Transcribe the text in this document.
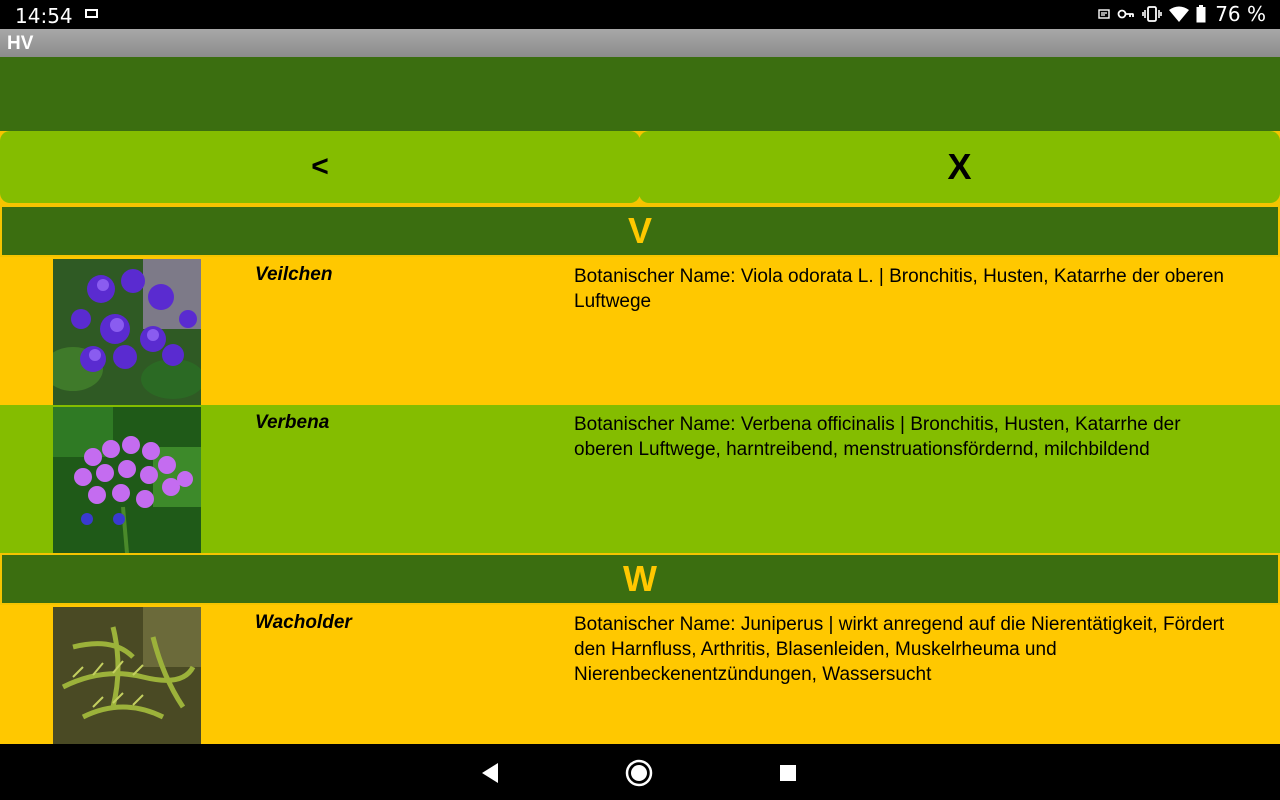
14:54	76 %
HV
<	X
V
Veilchen	Botanischer Name: Viola odorata L. | Bronchitis, Husten, Katarrhe der oberen Luftwege
Verbena	Botanischer Name: Verbena officinalis | Bronchitis, Husten, Katarrhe der oberen Luftwege, harntreibend, menstruationsfördernd, milchbildend
W
Wacholder	Botanischer Name: Juniperus | wirkt anregend auf die Nierentätigkeit, Fördert den Harnfluss, Arthritis, Blasenleiden, Muskelrheuma und Nierenbeckenentzündungen, Wassersucht
